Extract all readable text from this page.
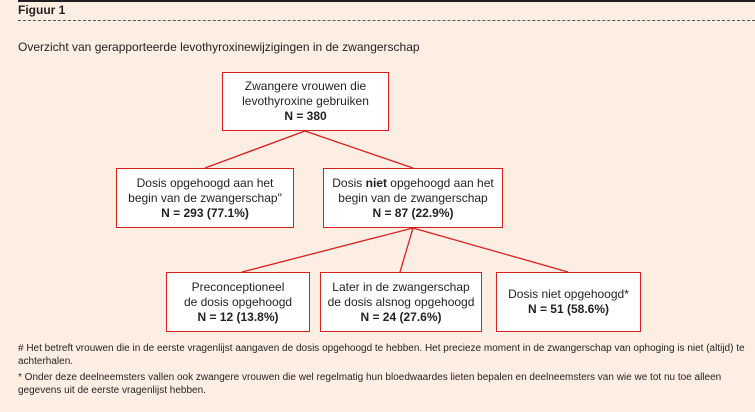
Figuur 1
Overzicht van gerapporteerde levothyroxinewijzigingen in de zwangerschap
Zwangere vrouwen die
levothyroxine gebruiken
N = 380
Dosis opgehoogd aan het
begin van de zwangerschap"
N = 293 (77.1%)
Dosis niet opgehoogd aan het
begin van de zwangerschap
N = 87 (22.9%)
Preconceptioneel
de dosis opgehoogd
N = 12 (13.8%)
Later in de zwangerschap
de dosis alsnog opgehoogd
N = 24 (27.6%)
Dosis niet opgehoogd*
N = 51 (58.6%)
# Het betreft vrouwen die in de eerste vragenlijst aangaven de dosis opgehoogd te hebben. Het precieze moment in de zwangerschap van ophoging is niet (altijd) te achterhalen.
* Onder deze deelneemsters vallen ook zwangere vrouwen die wel regelmatig hun bloedwaardes lieten bepalen en deelneemsters van wie we tot nu toe alleen gegevens uit de eerste vragenlijst hebben.
